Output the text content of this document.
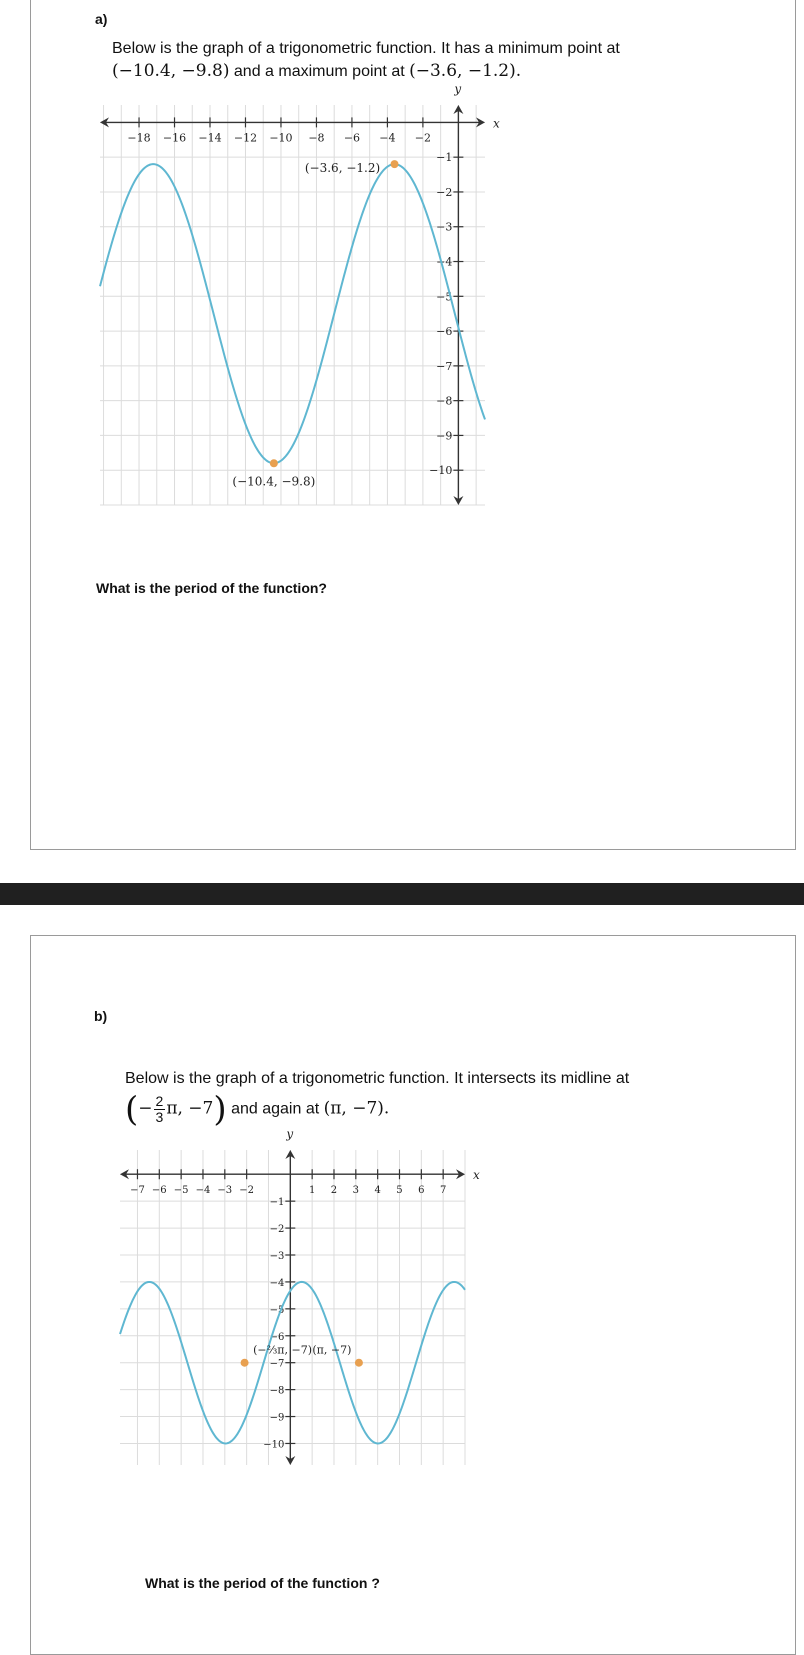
a)
Below is the graph of a trigonometric function. It has a minimum point at
(−10.4, −9.8) and a maximum point at (−3.6, −1.2).
x
y
−18 −16 −14 −12 −10 −8 −6 −4 −2
−1
−2
−3
−4
−5
−6
−7
−8
−9
−10
(−3.6, −1.2)
(−10.4, −9.8)
What is the period of the function?
b)
Below is the graph of a trigonometric function. It intersects its midline at
(− $\frac{2}{3} \pi$, −7) and again at (π, −7).
x
y
−7 −6 −5 −4 −3 −2	1 2 3 4 5 6 7
−1
−2
−3
−4
−5
−6
−7
−8
−9
−10
(−⅔π, −7) (π, −7)
What is the period of the function ?
